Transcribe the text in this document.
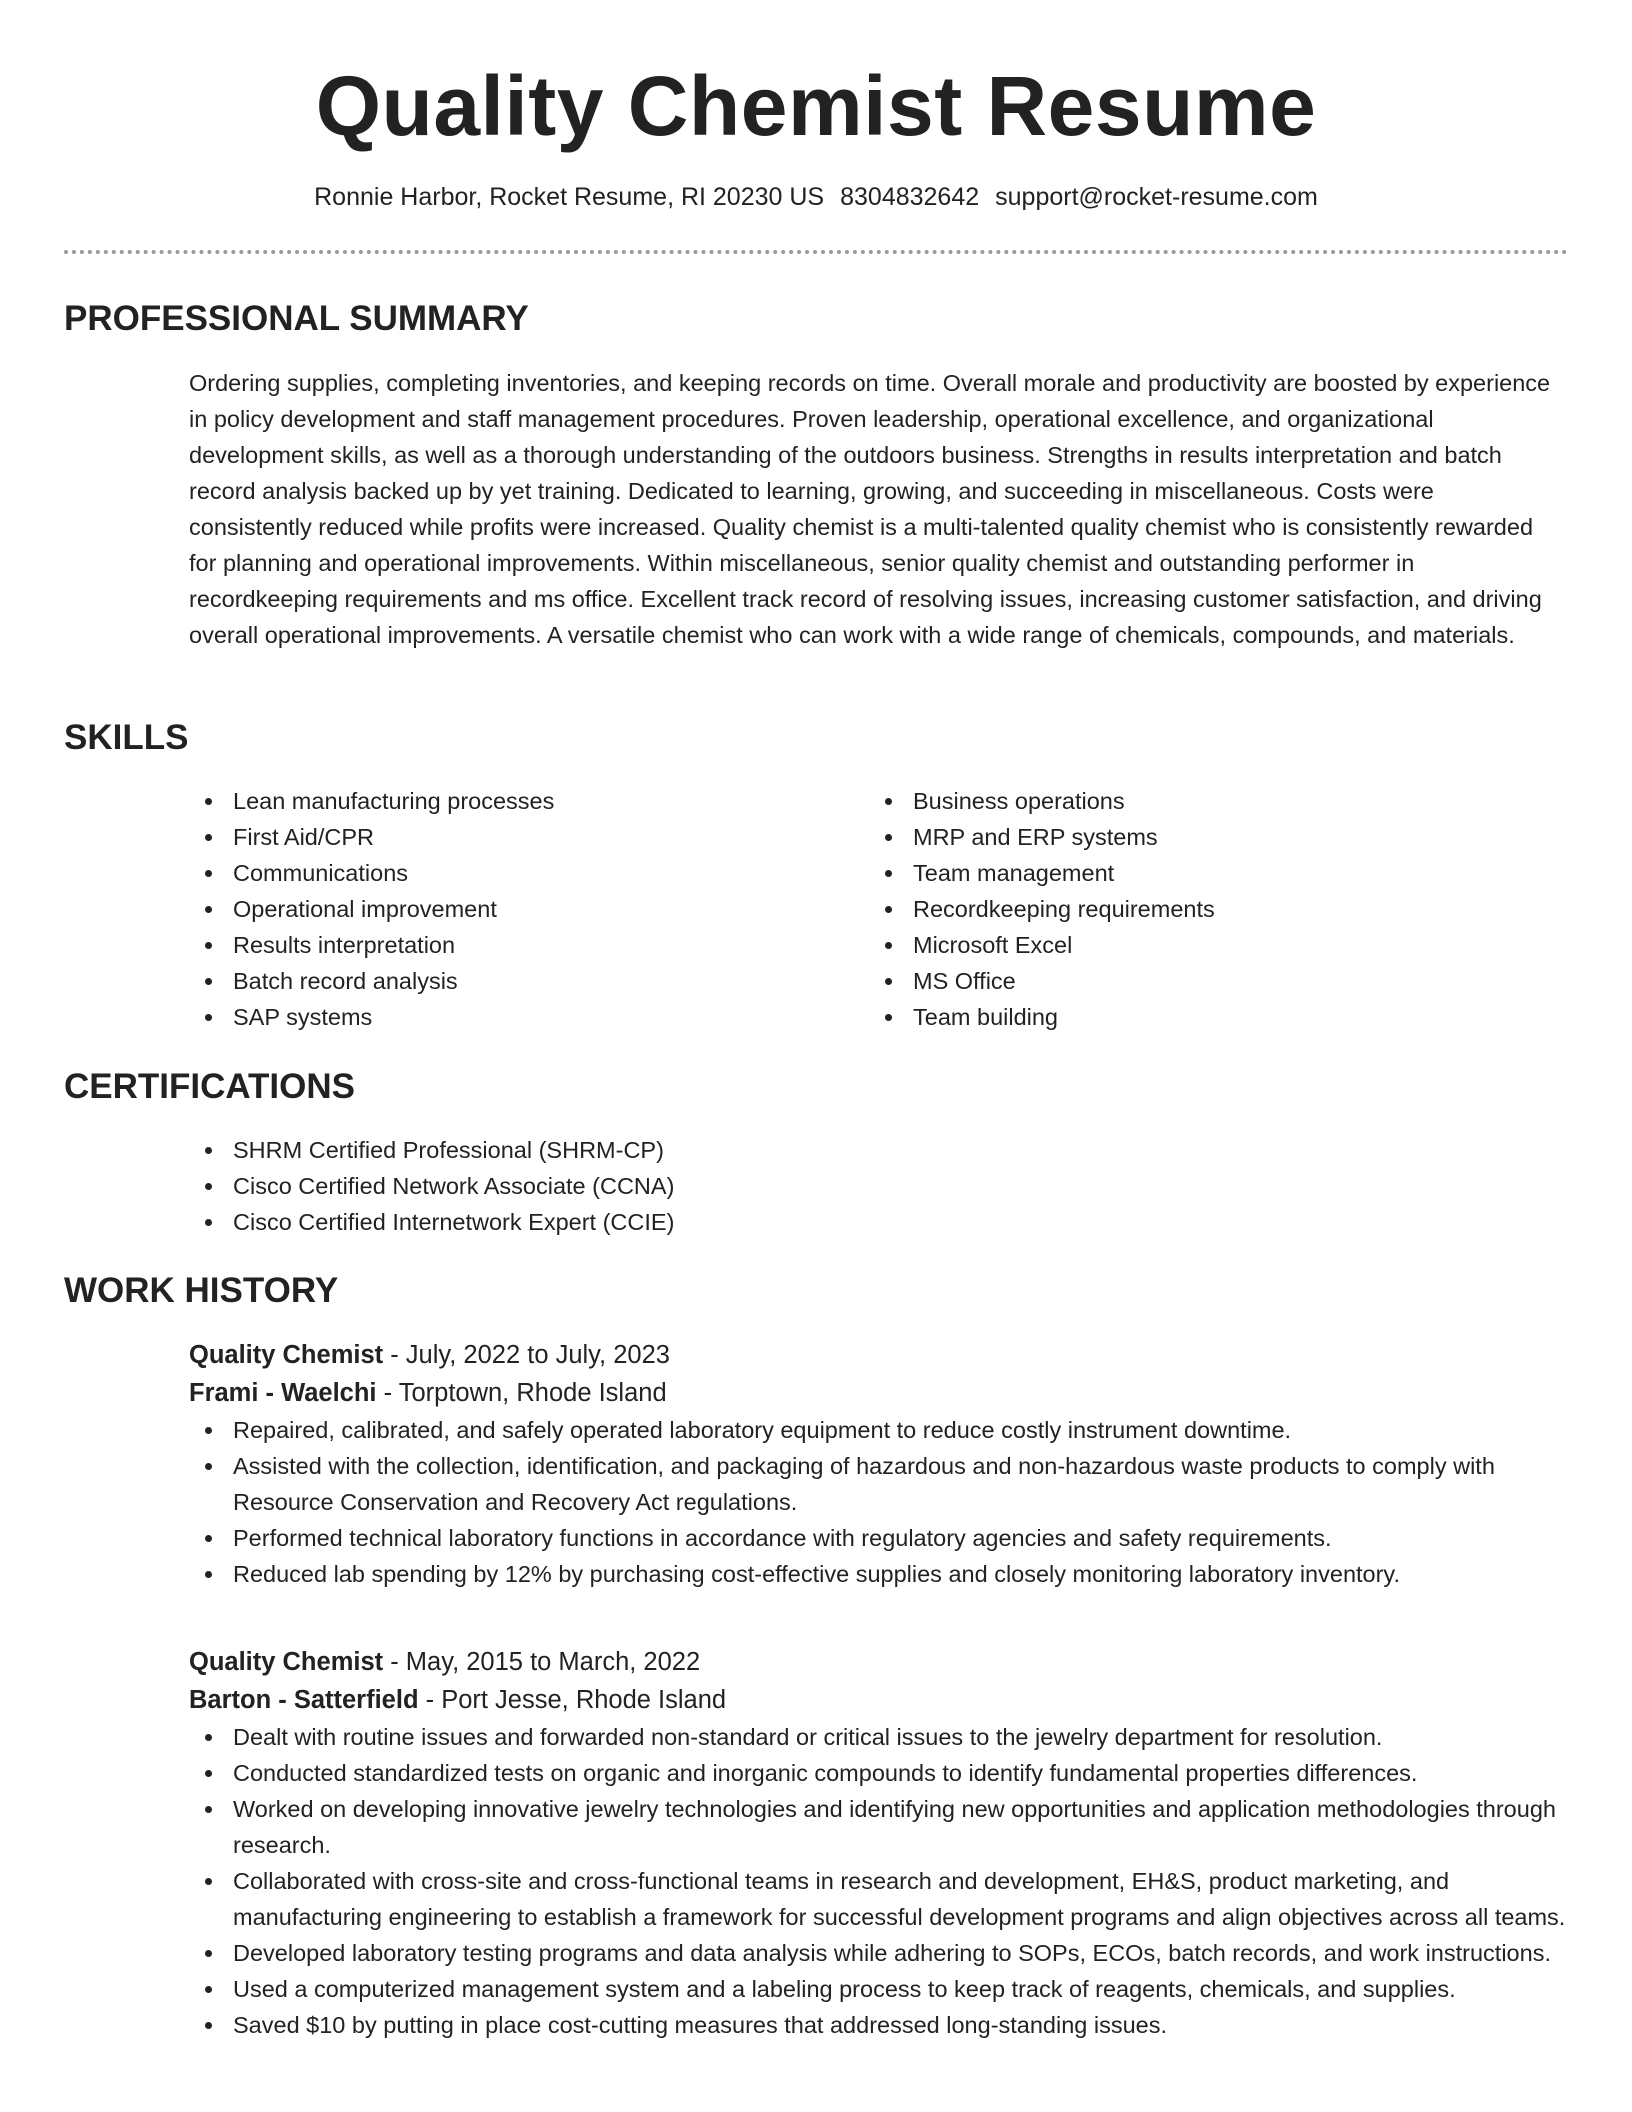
Quality Chemist Resume
Ronnie Harbor, Rocket Resume, RI 20230 US 8304832642 support@rocket-resume.com
PROFESSIONAL SUMMARY

Ordering supplies, completing inventories, and keeping records on time. Overall morale and productivity are boosted by experience in policy development and staff management procedures. Proven leadership, operational excellence, and organizational development skills, as well as a thorough understanding of the outdoors business. Strengths in results interpretation and batch record analysis backed up by yet training. Dedicated to learning, growing, and succeeding in miscellaneous. Costs were consistently reduced while profits were increased. Quality chemist is a multi-talented quality chemist who is consistently rewarded for planning and operational improvements. Within miscellaneous, senior quality chemist and outstanding performer in recordkeeping requirements and ms office. Excellent track record of resolving issues, increasing customer satisfaction, and driving overall operational improvements. A versatile chemist who can work with a wide range of chemicals, compounds, and materials.

SKILLS
Lean manufacturing processes
First Aid/CPR
Communications
Operational improvement
Results interpretation
Batch record analysis
SAP systems
Business operations
MRP and ERP systems
Team management
Recordkeeping requirements
Microsoft Excel
MS Office
Team building
CERTIFICATIONS
SHRM Certified Professional (SHRM-CP)
Cisco Certified Network Associate (CCNA)
Cisco Certified Internetwork Expert (CCIE)
WORK HISTORY
Quality Chemist - July, 2022 to July, 2023
Frami - Waelchi - Torptown, Rhode Island
Repaired, calibrated, and safely operated laboratory equipment to reduce costly instrument downtime.
Assisted with the collection, identification, and packaging of hazardous and non-hazardous waste products to comply with Resource Conservation and Recovery Act regulations.
Performed technical laboratory functions in accordance with regulatory agencies and safety requirements.
Reduced lab spending by 12% by purchasing cost-effective supplies and closely monitoring laboratory inventory.
Quality Chemist - May, 2015 to March, 2022
Barton - Satterfield - Port Jesse, Rhode Island
Dealt with routine issues and forwarded non-standard or critical issues to the jewelry department for resolution.
Conducted standardized tests on organic and inorganic compounds to identify fundamental properties differences.
Worked on developing innovative jewelry technologies and identifying new opportunities and application methodologies through research.
Collaborated with cross-site and cross-functional teams in research and development, EH&S, product marketing, and manufacturing engineering to establish a framework for successful development programs and align objectives across all teams.
Developed laboratory testing programs and data analysis while adhering to SOPs, ECOs, batch records, and work instructions.
Used a computerized management system and a labeling process to keep track of reagents, chemicals, and supplies.
Saved $10 by putting in place cost-cutting measures that addressed long-standing issues.
